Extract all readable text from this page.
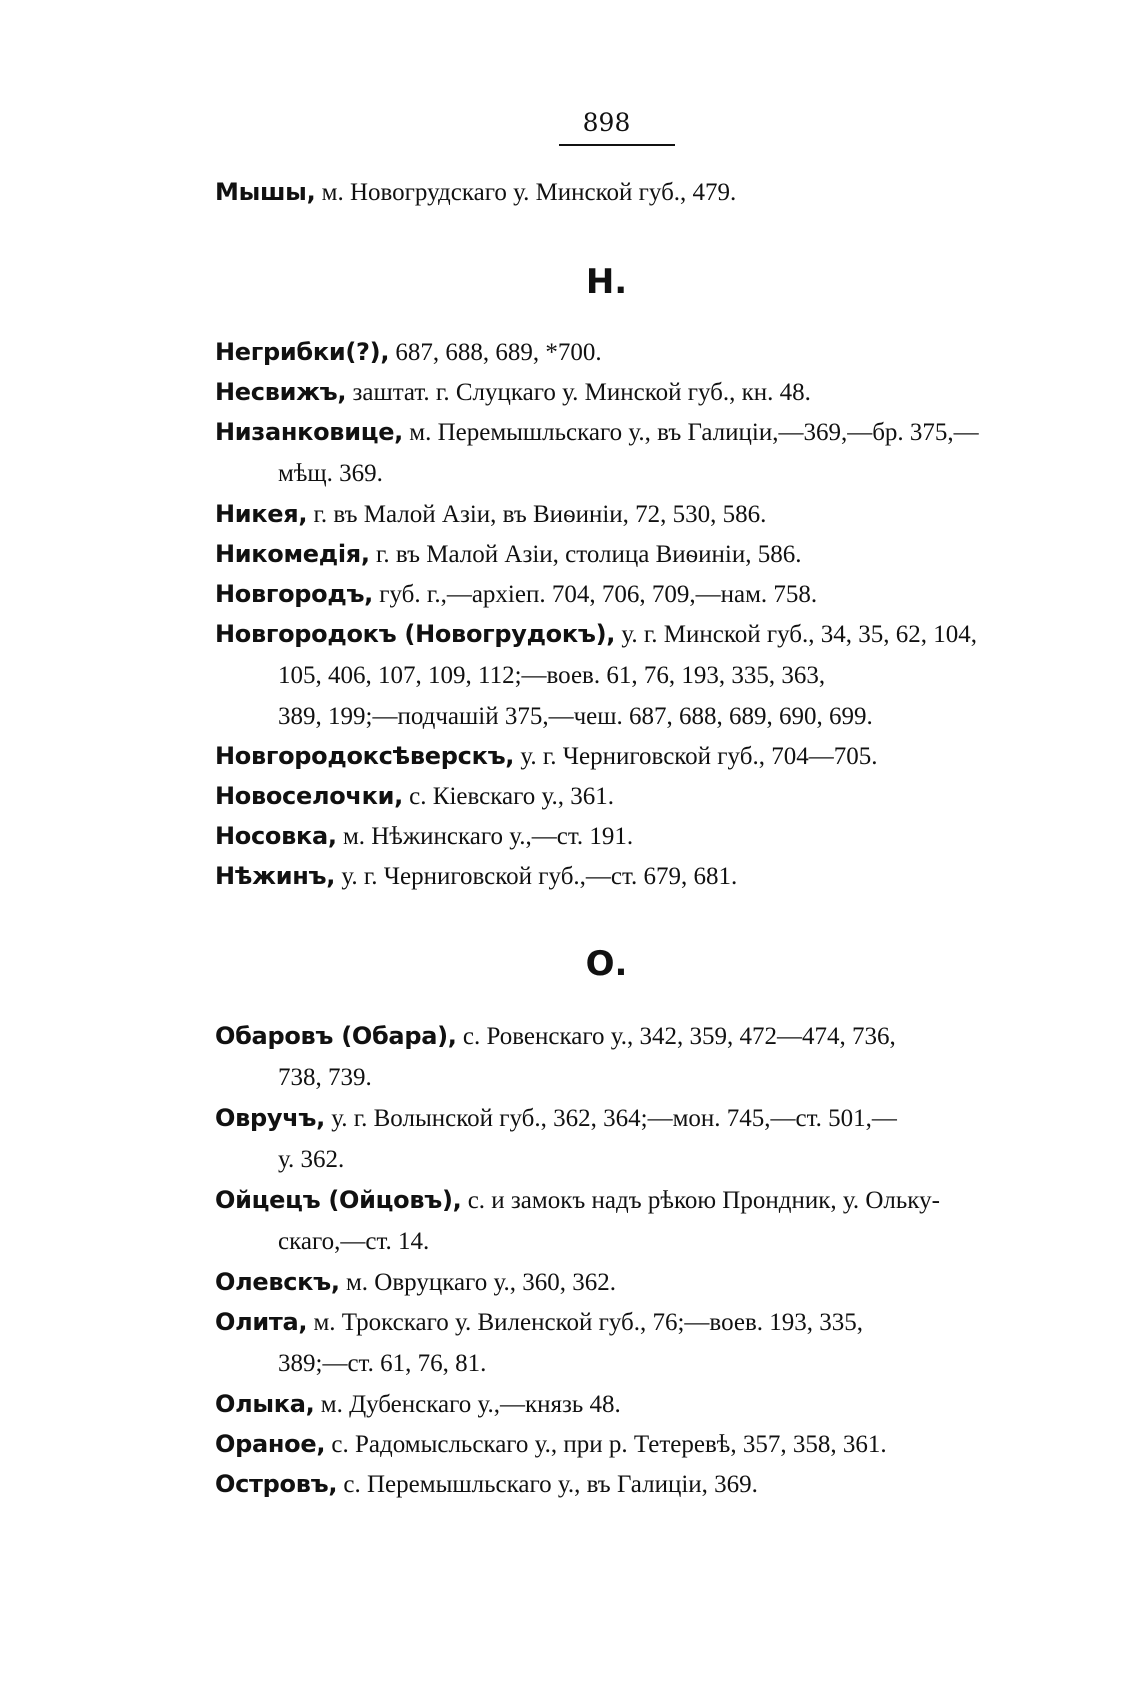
898
Мышы, м. Новогрудскаго у. Минской губ., 479.
Н.
Негрибки(?), 687, 688, 689, *700.
Несвижъ, заштат. г. Слуцкаго у. Минской губ., кн. 48.
Низанковице, м. Перемышльскаго у., въ Галиціи,—369,—бр. 375,—
мѣщ. 369.
Никея, г. въ Малой Азіи, въ Виѳиніи, 72, 530, 586.
Никомедія, г. въ Малой Азіи, столица Виѳиніи, 586.
Новгородъ, губ. г.,—архіеп. 704, 706, 709,—нам. 758.
Новгородокъ (Новогрудокъ), у. г. Минской губ., 34, 35, 62, 104,
105, 406, 107, 109, 112;—воев. 61, 76, 193, 335, 363,
389, 199;—подчашій 375,—чеш. 687, 688, 689, 690, 699.
Новгородоксѣверскъ, у. г. Черниговской губ., 704—705.
Новоселочки, с. Кіевскаго у., 361.
Носовка, м. Нѣжинскаго у.,—ст. 191.
Нѣжинъ, у. г. Черниговской губ.,—ст. 679, 681.
О.
Обаровъ (Обара), с. Ровенскаго у., 342, 359, 472—474, 736,
738, 739.
Овручъ, у. г. Волынской губ., 362, 364;—мон. 745,—ст. 501,—
у. 362.
Ойцецъ (Ойцовъ), с. и замокъ надъ рѣкою Прондник, у. Ольку-
скаго,—ст. 14.
Олевскъ, м. Овруцкаго у., 360, 362.
Олита, м. Трокскаго у. Виленской губ., 76;—воев. 193, 335,
389;—ст. 61, 76, 81.
Олыка, м. Дубенскаго у.,—князь 48.
Ораное, с. Радомысльскаго у., при р. Тетеревѣ, 357, 358, 361.
Островъ, с. Перемышльскаго у., въ Галиціи, 369.
